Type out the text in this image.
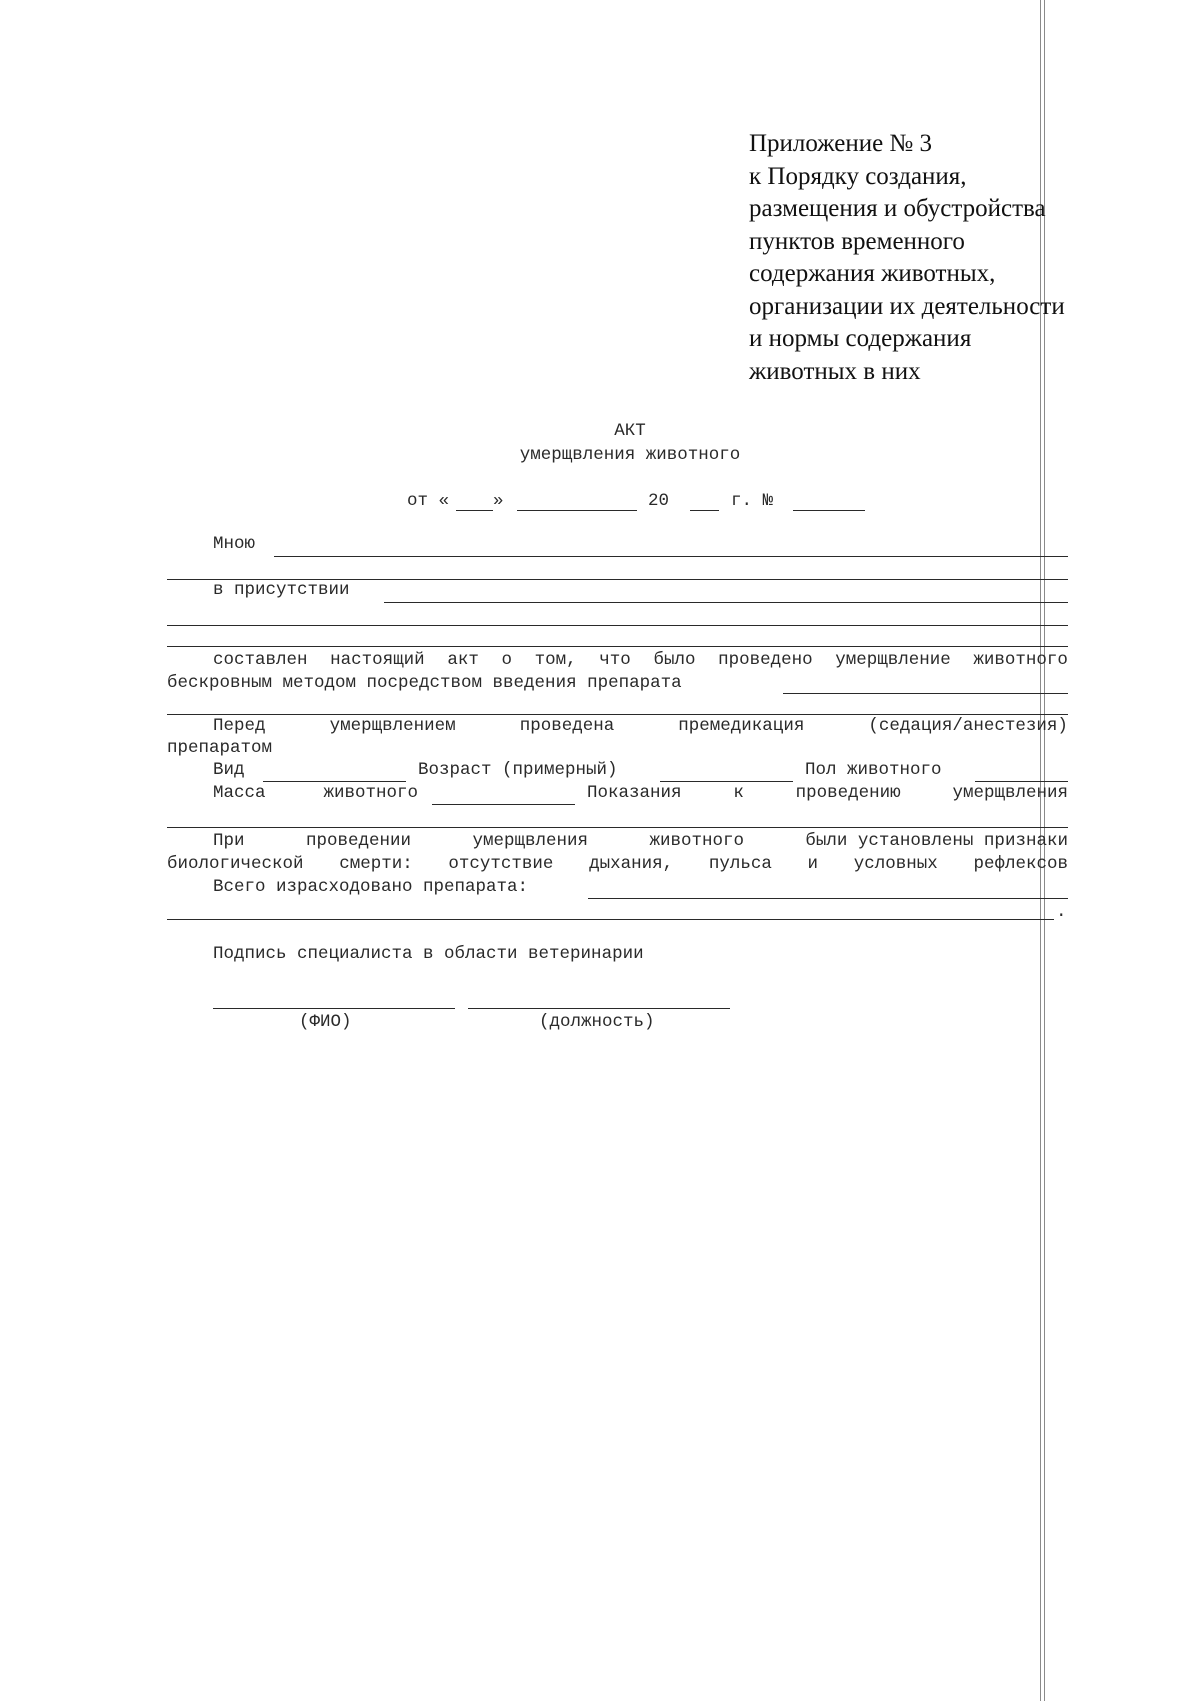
Приложение № 3
к Порядку создания,
размещения и обустройства
пунктов временного
содержания животных,
организации их деятельности
и нормы содержания
животных в них
АКТ
умерщвления животного
от «	»	20	г. №
Мною
в присутствии
составлен настоящий акт о том, что было проведено умерщвление животного
бескровным методом посредством введения препарата
Перед	умерщвлением	проведена	премедикация	(седация/анестезия)
препаратом
Вид	Возраст (примерный)	Пол животного
Масса	животного	Показания	к	проведению	умерщвления
При	проведении	умерщвления	животного	были установлены признаки
биологической смерти: отсутствие дыхания, пульса и условных рефлексов
Всего израсходовано препарата:
.
Подпись специалиста в области ветеринарии
(ФИО)	(должность)
